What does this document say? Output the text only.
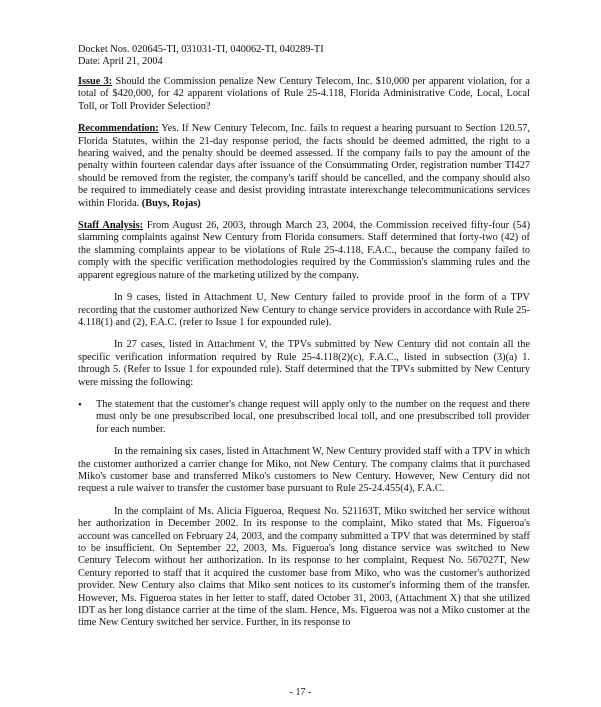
Docket Nos. 020645-TI, 031031-TI, 040062-TI, 040289-TI
Date: April 21, 2004

Issue 3: Should the Commission penalize New Century Telecom, Inc. $10,000 per apparent violation, for a total of $420,000, for 42 apparent violations of Rule 25-4.118, Florida Administrative Code, Local, Local Toll, or Toll Provider Selection?

Recommendation: Yes. If New Century Telecom, Inc. fails to request a hearing pursuant to Section 120.57, Florida Statutes, within the 21-day response period, the facts should be deemed admitted, the right to a hearing waived, and the penalty should be deemed assessed. If the company fails to pay the amount of the penalty within fourteen calendar days after issuance of the Consummating Order, registration number TI427 should be removed from the register, the company's tariff should be cancelled, and the company should also be required to immediately cease and desist providing intrastate interexchange telecommunications services within Florida. (Buys, Rojas)

Staff Analysis: From August 26, 2003, through March 23, 2004, the Commission received fifty-four (54) slamming complaints against New Century from Florida consumers. Staff determined that forty-two (42) of the slamming complaints appear to be violations of Rule 25-4.118, F.A.C., because the company failed to comply with the specific verification methodologies required by the Commission's slamming rules and the apparent egregious nature of the marketing utilized by the company.

In 9 cases, listed in Attachment U, New Century failed to provide proof in the form of a TPV recording that the customer authorized New Century to change service providers in accordance with Rule 25-4.118(1) and (2), F.A.C. (refer to Issue 1 for expounded rule).

In 27 cases, listed in Attachment V, the TPVs submitted by New Century did not contain all the specific verification information required by Rule 25-4.118(2)(c), F.A.C., listed in subsection (3)(a) 1. through 5. (Refer to Issue 1 for expounded rule). Staff determined that the TPVs submitted by New Century were missing the following:

•	The statement that the customer's change request will apply only to the number on the request and there must only be one presubscribed local, one presubscribed local toll, and one presubscribed toll provider for each number.

In the remaining six cases, listed in Attachment W, New Century provided staff with a TPV in which the customer authorized a carrier change for Miko, not New Century. The company claims that it purchased Miko's customer base and transferred Miko's customers to New Century. However, New Century did not request a rule waiver to transfer the customer base pursuant to Rule 25-24.455(4), F.A.C.

In the complaint of Ms. Alicia Figueroa, Request No. 521163T, Miko switched her service without her authorization in December 2002. In its response to the complaint, Miko stated that Ms. Figueroa's account was cancelled on February 24, 2003, and the company submitted a TPV that was determined by staff to be insufficient. On September 22, 2003, Ms. Figueroa's long distance service was switched to New Century Telecom without her authorization. In its response to her complaint, Request No. 567027T, New Century reported to staff that it acquired the customer base from Miko, who was the customer's authorized provider. New Century also claims that Miko sent notices to its customer's informing them of the transfer. However, Ms. Figueroa states in her letter to staff, dated October 31, 2003, (Attachment X) that she utilized IDT as her long distance carrier at the time of the slam. Hence, Ms. Figueroa was not a Miko customer at the time New Century switched her service. Further, in its response to

- 17 -
